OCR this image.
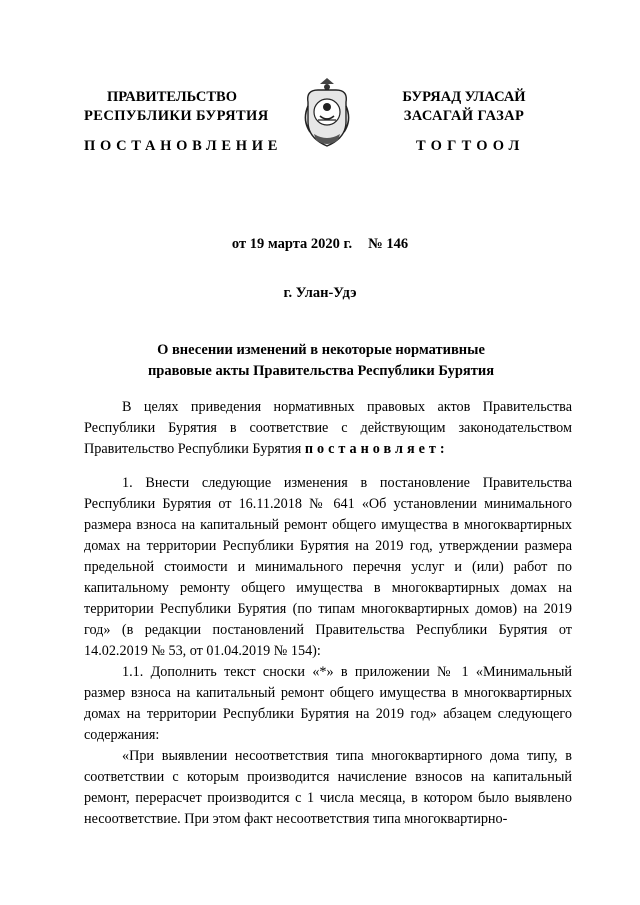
ПРАВИТЕЛЬСТВО
РЕСПУБЛИКИ БУРЯТИЯ
БУРЯАД УЛАСАЙ
ЗАСАГАЙ ГАЗАР
ПОСТАНОВЛЕНИЕ	ТОГТООЛ
от 19 марта 2020 г. № 146
г. Улан-Удэ
О внесении изменений в некоторые нормативные
правовые акты Правительства Республики Бурятия

В целях приведения нормативных правовых актов Правительства Республики Бурятия в соответствие с действующим законодательством Правительство Республики Бурятия постановляет:

1. Внести следующие изменения в постановление Правительства Республики Бурятия от 16.11.2018 № 641 «Об установлении минимального размера взноса на капитальный ремонт общего имущества в многоквартирных домах на территории Республики Бурятия на 2019 год, утверждении размера предельной стоимости и минимального перечня услуг и (или) работ по капитальному ремонту общего имущества в многоквартирных домах на территории Республики Бурятия (по типам многоквартирных домов) на 2019 год» (в редакции постановлений Правительства Республики Бурятия от 14.02.2019 № 53, от 01.04.2019 № 154):

1.1. Дополнить текст сноски «*» в приложении № 1 «Минимальный размер взноса на капитальный ремонт общего имущества в многоквартирных домах на территории Республики Бурятия на 2019 год» абзацем следующего содержания:

«При выявлении несоответствия типа многоквартирного дома типу, в соответствии с которым производится начисление взносов на капитальный ремонт, перерасчет производится с 1 числа месяца, в котором было выявлено несоответствие. При этом факт несоответствия типа многоквартирно-
